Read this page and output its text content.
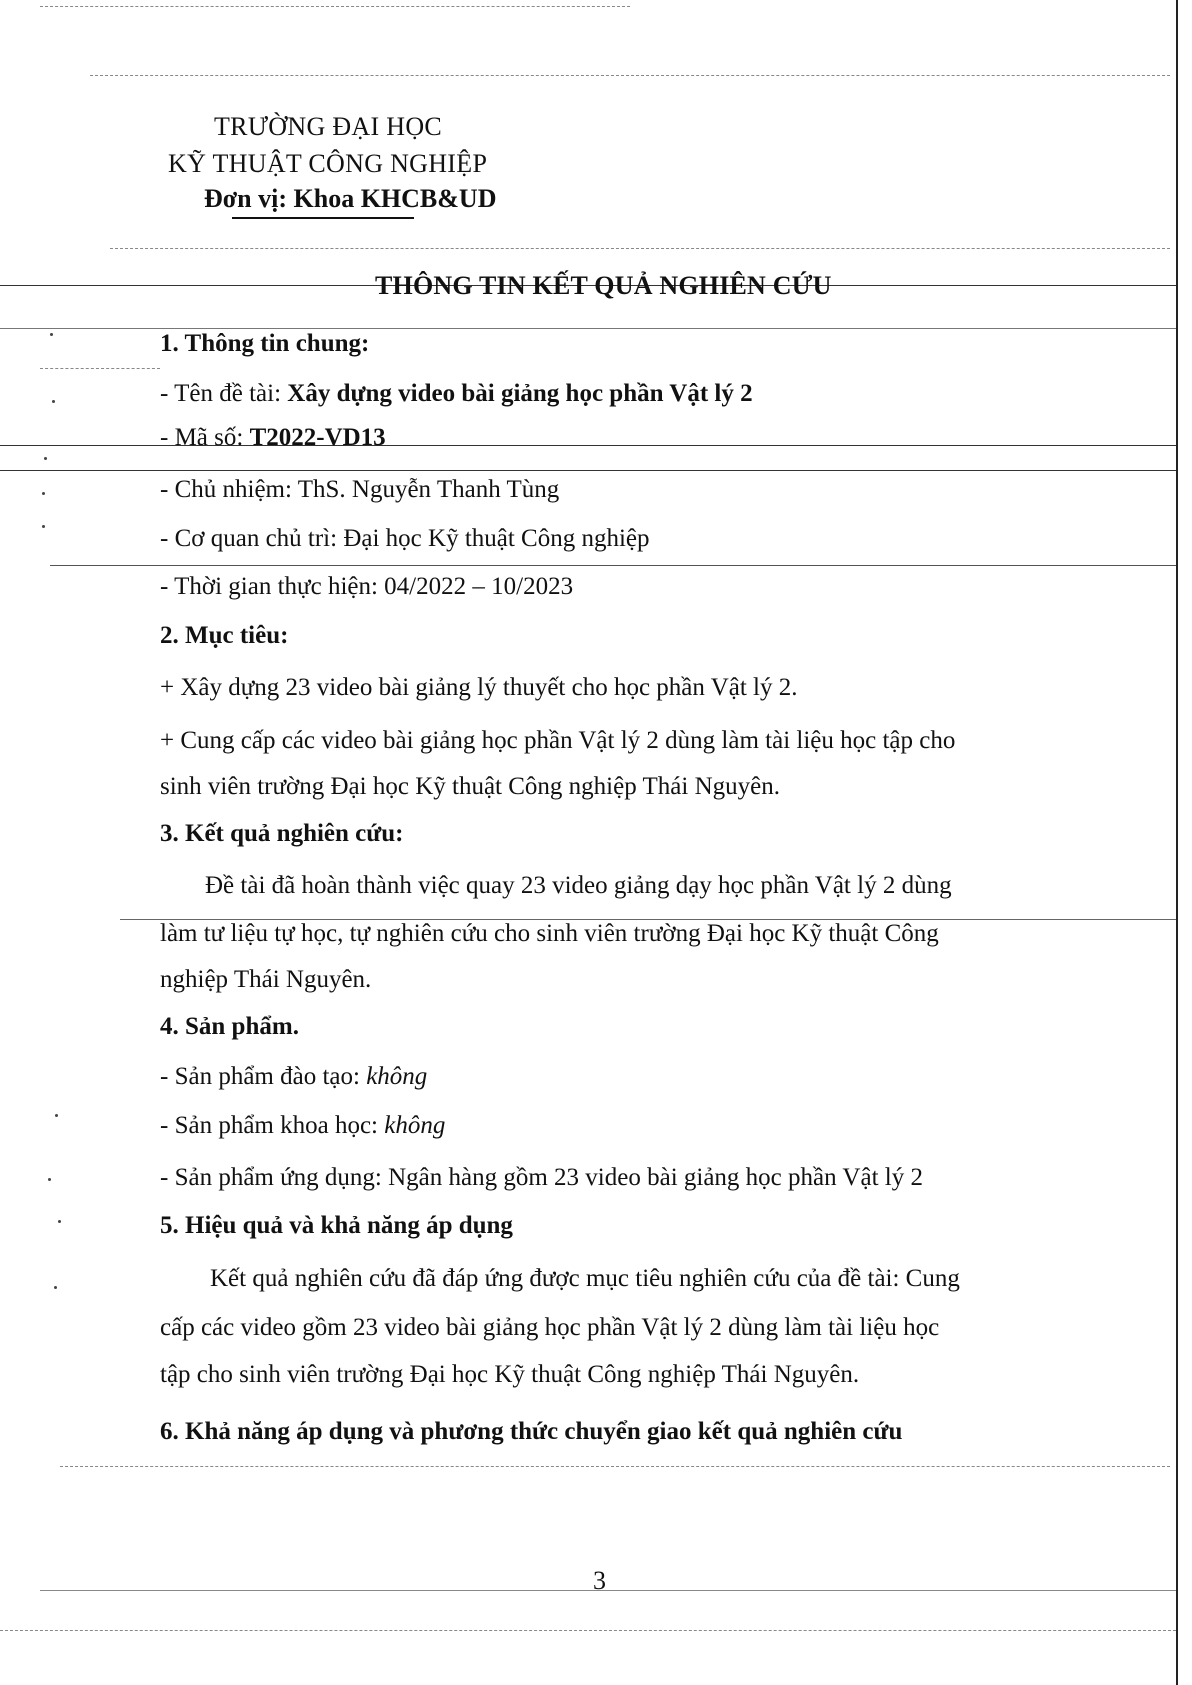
TRƯỜNG ĐẠI HỌC
KỸ THUẬT CÔNG NGHIỆP
Đơn vị: Khoa KHCB&UD
THÔNG TIN KẾT QUẢ NGHIÊN CỨU
1. Thông tin chung:
- Tên đề tài: Xây dựng video bài giảng học phần Vật lý 2
- Mã số: T2022-VD13
- Chủ nhiệm: ThS. Nguyễn Thanh Tùng
- Cơ quan chủ trì: Đại học Kỹ thuật Công nghiệp
- Thời gian thực hiện: 04/2022 – 10/2023
2. Mục tiêu:
+ Xây dựng 23 video bài giảng lý thuyết cho học phần Vật lý 2.
+ Cung cấp các video bài giảng học phần Vật lý 2 dùng làm tài liệu học tập cho
sinh viên trường Đại học Kỹ thuật Công nghiệp Thái Nguyên.
3. Kết quả nghiên cứu:
Đề tài đã hoàn thành việc quay 23 video giảng dạy học phần Vật lý 2 dùng
làm tư liệu tự học, tự nghiên cứu cho sinh viên trường Đại học Kỹ thuật Công
nghiệp Thái Nguyên.
4. Sản phẩm.
- Sản phẩm đào tạo: không
- Sản phẩm khoa học: không
- Sản phẩm ứng dụng: Ngân hàng gồm 23 video bài giảng học phần Vật lý 2
5. Hiệu quả và khả năng áp dụng
Kết quả nghiên cứu đã đáp ứng được mục tiêu nghiên cứu của đề tài: Cung
cấp các video gồm 23 video bài giảng học phần Vật lý 2 dùng làm tài liệu học
tập cho sinh viên trường Đại học Kỹ thuật Công nghiệp Thái Nguyên.
6. Khả năng áp dụng và phương thức chuyển giao kết quả nghiên cứu
3
